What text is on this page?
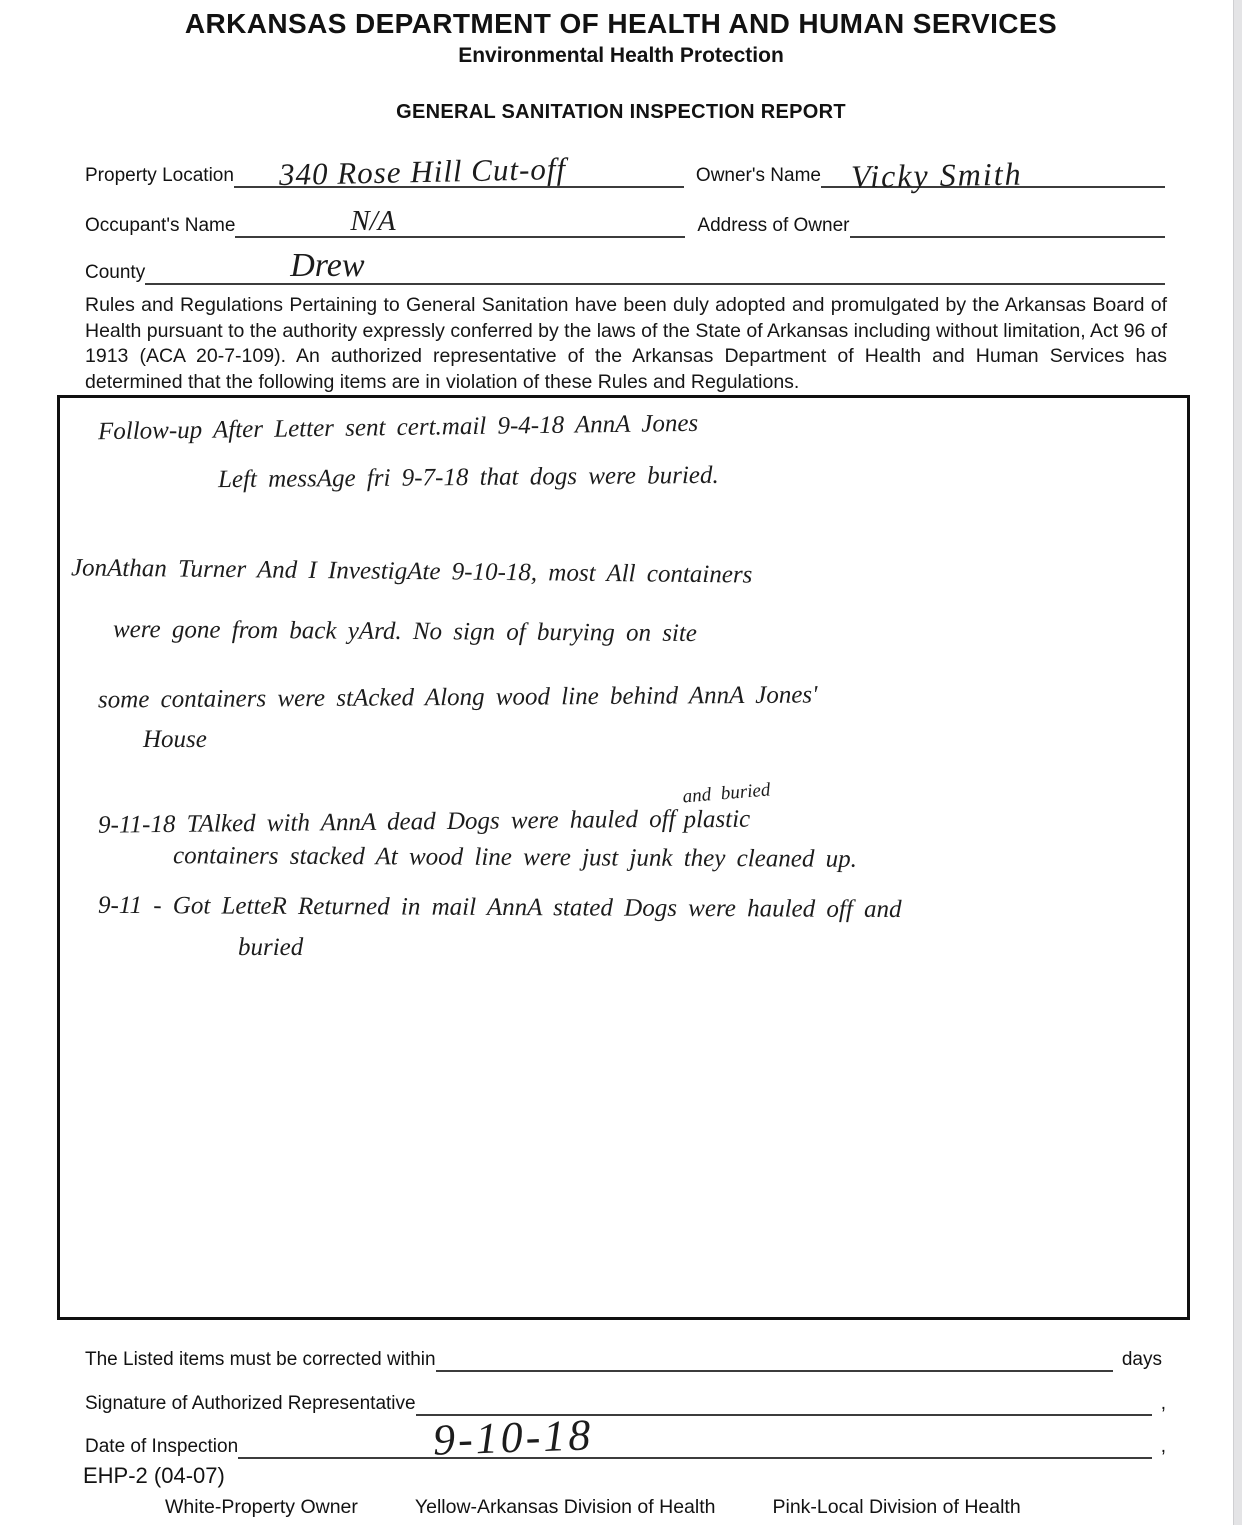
ARKANSAS DEPARTMENT OF HEALTH AND HUMAN SERVICES
Environmental Health Protection
GENERAL SANITATION INSPECTION REPORT
Property Location 340 Rose Hill Cut-off	Owner's Name Vicky Smith
Occupant's Name	N/A	Address of Owner
County	Drew

Rules and Regulations Pertaining to General Sanitation have been duly adopted and promulgated by the Arkansas Board of Health pursuant to the authority expressly conferred by the laws of the State of Arkansas including without limitation, Act 96 of 1913 (ACA 20-7-109). An authorized representative of the Arkansas Department of Health and Human Services has determined that the following items are in violation of these Rules and Regulations.

Follow-up After Letter sent cert.mail 9-4-18 AnnA Jones
Left messAge fri 9-7-18 that dogs were buried.
JonAthan Turner And I InvestigAte 9-10-18, most All containers
were gone from back yArd. No sign of burying on site
some containers were stAcked Along wood line behind AnnA Jones'
House
9-11-18 TAlked with AnnA dead Dogs were hauled off
and buried
plastic
containers stacked At wood line were just junk they cleaned up.
9-11 - Got LetteR Returned in mail AnnA stated Dogs were hauled off and
buried
The Listed items must be corrected within	days
Signature of Authorized Representative	,
Date of Inspection	9-10-18	,
EHP-2 (04-07)
White-Property Owner	Yellow-Arkansas Division of Health	Pink-Local Division of Health
